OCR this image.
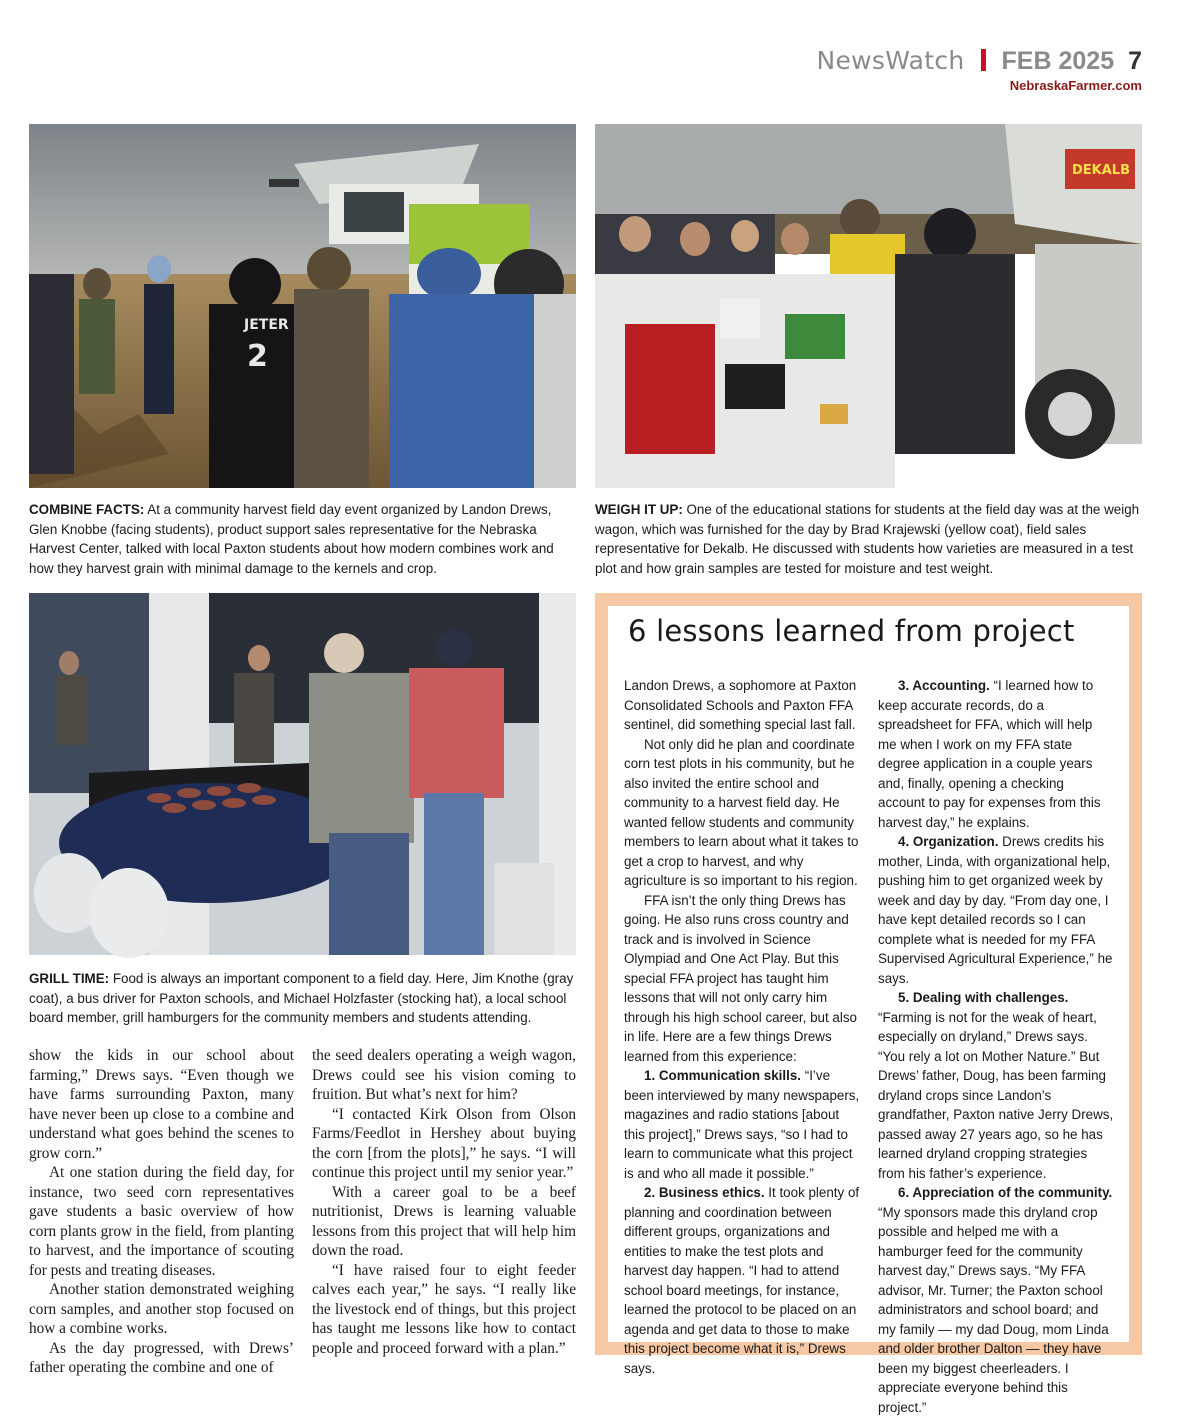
NewsWatch FEB 2025 7
NebraskaFarmer.com
JETER
2
DEKALB
COMBINE FACTS: At a community harvest field day event organized by Landon Drews, Glen Knobbe (facing students), product support sales representative for the Nebraska Harvest Center, talked with local Paxton students about how modern combines work and how they harvest grain with minimal damage to the kernels and crop.
WEIGH IT UP: One of the educational stations for students at the field day was at the weigh wagon, which was furnished for the day by Brad Krajewski (yellow coat), field sales representative for Dekalb. He discussed with students how varieties are measured in a test plot and how grain samples are tested for moisture and test weight.
GRILL TIME: Food is always an important component to a field day. Here, Jim Knothe (gray coat), a bus driver for Paxton schools, and Michael Holzfaster (stocking hat), a local school board member, grill hamburgers for the community members and students attending.

show the kids in our school about farming,” Drews says. “Even though we have farms surrounding Paxton, many have never been up close to a combine and understand what goes behind the scenes to grow corn.”

At one station during the field day, for instance, two seed corn representatives gave students a basic overview of how corn plants grow in the field, from planting to harvest, and the importance of scouting for pests and treating diseases.

Another station demonstrated weighing corn samples, and another stop focused on how a combine works.

As the day progressed, with Drews’ father operating the combine and one of

the seed dealers operating a weigh wagon, Drews could see his vision coming to fruition. But what’s next for him?

“I contacted Kirk Olson from Olson Farms/Feedlot in Hershey about buying the corn [from the plots],” he says. “I will continue this project until my senior year.”

With a career goal to be a beef nutritionist, Drews is learning valuable lessons from this project that will help him down the road.

“I have raised four to eight feeder calves each year,” he says. “I really like the livestock end of things, but this project has taught me lessons like how to contact people and proceed forward with a plan.”

6 lessons learned from project

Landon Drews, a sophomore at Paxton Consolidated Schools and Paxton FFA sentinel, did something special last fall.

Not only did he plan and coordinate corn test plots in his community, but he also invited the entire school and community to a harvest field day. He wanted fellow students and community members to learn about what it takes to get a crop to harvest, and why agriculture is so important to his region.

FFA isn’t the only thing Drews has going. He also runs cross country and track and is involved in Science Olympiad and One Act Play. But this special FFA project has taught him lessons that will not only carry him through his high school career, but also in life. Here are a few things Drews learned from this experience:

1. Communication skills. “I’ve been interviewed by many newspapers, magazines and radio stations [about this project],” Drews says, “so I had to learn to communicate what this project is and who all made it possible.”

2. Business ethics. It took plenty of planning and coordination between different groups, organizations and entities to make the test plots and harvest day happen. “I had to attend school board meetings, for instance, learned the protocol to be placed on an agenda and get data to those to make this project become what it is,” Drews says.

3. Accounting. “I learned how to keep accurate records, do a spreadsheet for FFA, which will help me when I work on my FFA state degree application in a couple years and, finally, opening a checking account to pay for expenses from this harvest day,” he explains.

4. Organization. Drews credits his mother, Linda, with organizational help, pushing him to get organized week by week and day by day. “From day one, I have kept detailed records so I can complete what is needed for my FFA Supervised Agricultural Experience,” he says.

5. Dealing with challenges.

“Farming is not for the weak of heart, especially on dryland,” Drews says. “You rely a lot on Mother Nature.” But Drews’ father, Doug, has been farming dryland crops since Landon’s grandfather, Paxton native Jerry Drews, passed away 27 years ago, so he has learned dryland cropping strategies from his father’s experience.

6. Appreciation of the community.

“My sponsors made this dryland crop possible and helped me with a hamburger feed for the community harvest day,” Drews says. “My FFA advisor, Mr. Turner; the Paxton school administrators and school board; and my family — my dad Doug, mom Linda and older brother Dalton — they have been my biggest cheerleaders. I appreciate everyone behind this project.”
